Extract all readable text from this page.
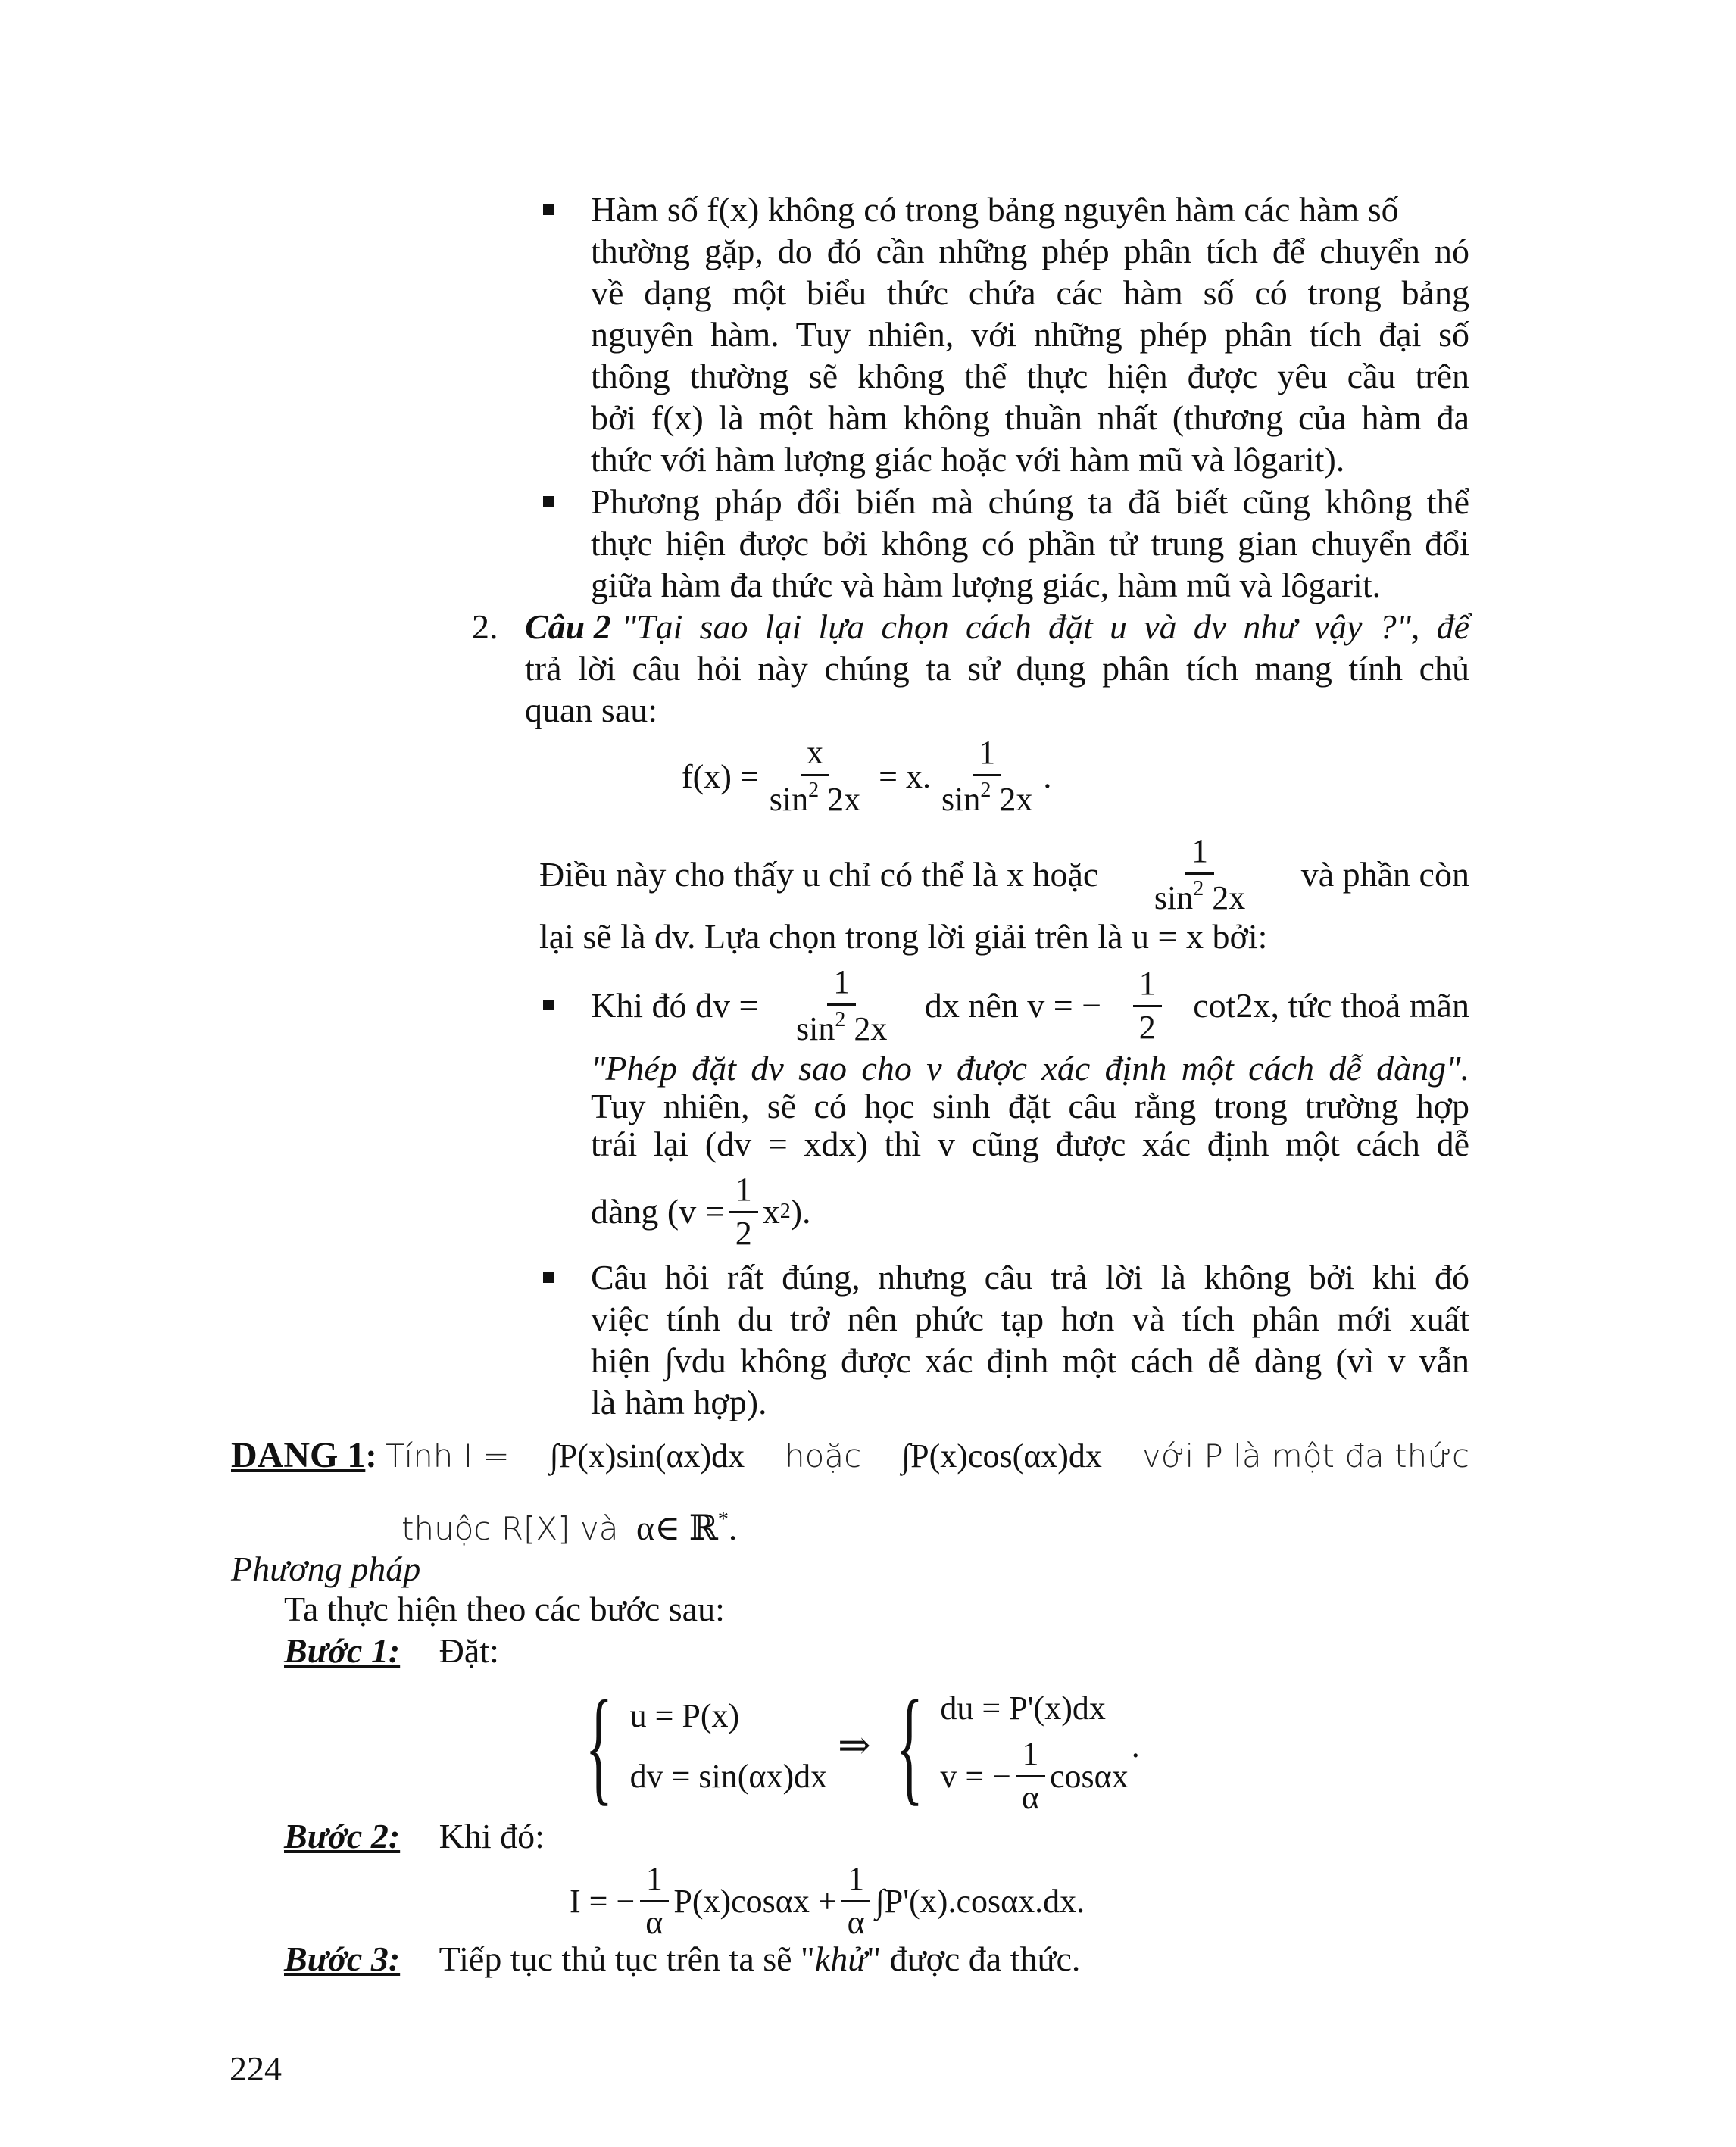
Hàm số f(x) không có trong bảng nguyên hàm các hàm số
thường gặp, do đó cần những phép phân tích để chuyển nó
về dạng một biểu thức chứa các hàm số có trong bảng
nguyên hàm. Tuy nhiên, với những phép phân tích đại số
thông thường sẽ không thể thực hiện được yêu cầu trên
bởi f(x) là một hàm không thuần nhất (thương của hàm đa
thức với hàm lượng giác hoặc với hàm mũ và lôgarit).
Phương pháp đổi biến mà chúng ta đã biết cũng không thể
thực hiện được bởi không có phần tử trung gian chuyển đổi
giữa hàm đa thức và hàm lượng giác, hàm mũ và lôgarit.
2. Câu 2 "Tại sao lại lựa chọn cách đặt u và dv như vậy ?", để
trả lời câu hỏi này chúng ta sử dụng phân tích mang tính chủ
quan sau:
$f(x) = \frac{x}{\sin^2 2x} = x$. $\frac{1}{\sin^2 2x}$ .
Điều này cho thấy u chỉ có thể là x hoặc $\frac{1}{\sin^2 2x}$ và phần còn
lại sẽ là dv. Lựa chọn trong lời giải trên là u = x bởi:
Khi đó dv = $\frac{1}{\sin^2 2x}$ dx nên v = − $\frac{1}{2} \cot 2x$, tức thoả mãn
"Phép đặt dv sao cho v được xác định một cách dễ dàng".
Tuy nhiên, sẽ có học sinh đặt câu rằng trong trường hợp
trái lại (dv = xdx) thì v cũng được xác định một cách dễ
dàng ($v = \frac{1}{2}$ x 2 ).
Câu hỏi rất đúng, nhưng câu trả lời là không bởi khi đó
việc tính du trở nên phức tạp hơn và tích phân mới xuất
hiện ∫vdu không được xác định một cách dễ dàng (vì v vẫn
là hàm hợp).
DANG 1: Tính I = ∫P(x)sin(αx)dx hoặc ∫P(x)cos(αx)dx với P là một đa thức
thuộc R[X] và α∈ ℝ*.
Phương pháp
Ta thực hiện theo các bước sau:
Bước 1: Đặt:
{ u = P(x)
dv = sin(αx)dx
⇒ { du = P'(x)dx
v = − $\frac{1}{\alpha}$ cosαx
.
Bước 2: Khi đó:
I = − $\frac{1}{\alpha} P(x)\cos\alpha x + \frac{1}{\alpha} \int P'(x).\cos\alpha x.dx$.
Bước 3: Tiếp tục thủ tục trên ta sẽ "khử" được đa thức.
224
